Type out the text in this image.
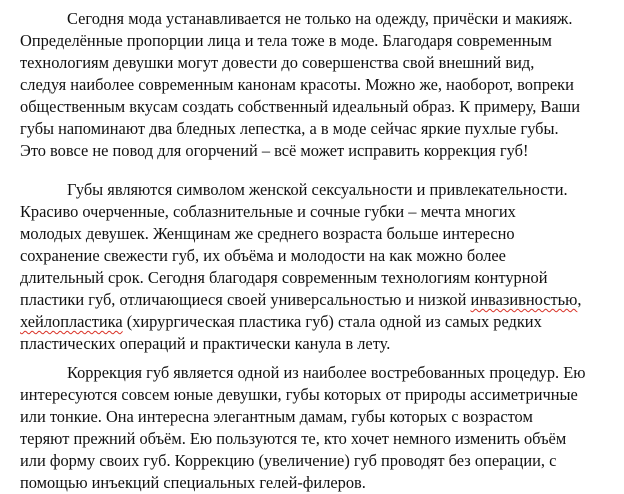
Сегодня мода устанавливается не только на одежду, причёски и макияж.
Определённые пропорции лица и тела тоже в моде. Благодаря современным
технологиям девушки могут довести до совершенства свой внешний вид,
следуя наиболее современным канонам красоты. Можно же, наоборот, вопреки
общественным вкусам создать собственный идеальный образ. К примеру, Ваши
губы напоминают два бледных лепестка, а в моде сейчас яркие пухлые губы.
Это вовсе не повод для огорчений – всё может исправить коррекция губ!
Губы являются символом женской сексуальности и привлекательности.
Красиво очерченные, соблазнительные и сочные губки – мечта многих
молодых девушек. Женщинам же среднего возраста больше интересно
сохранение свежести губ, их объёма и молодости на как можно более
длительный срок. Сегодня благодаря современным технологиям контурной
пластики губ, отличающиеся своей универсальностью и низкой инвазивностью,
хейлопластика (хирургическая пластика губ) стала одной из самых редких
пластических операций и практически канула в лету.
Коррекция губ является одной из наиболее востребованных процедур. Ею
интересуются совсем юные девушки, губы которых от природы ассиметричные
или тонкие. Она интересна элегантным дамам, губы которых с возрастом
теряют прежний объём. Ею пользуются те, кто хочет немного изменить объём
или форму своих губ. Коррекцию (увеличение) губ проводят без операции, с
помощью инъекций специальных гелей-филеров.
